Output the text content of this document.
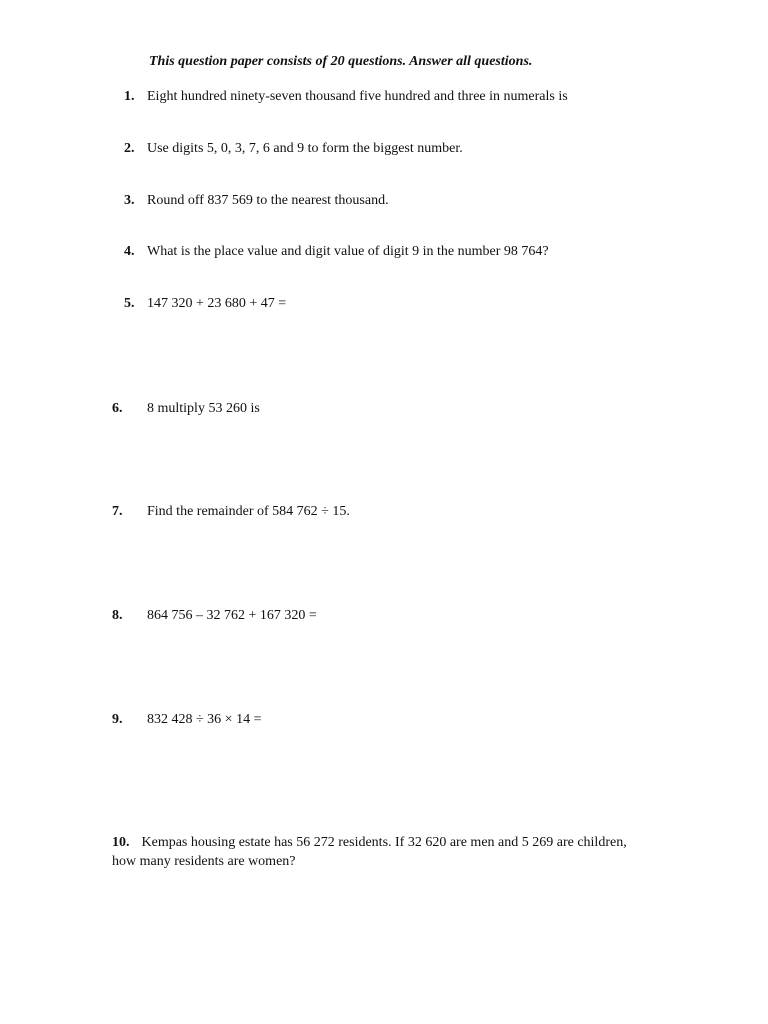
This question paper consists of 20 questions. Answer all questions.
1. Eight hundred ninety-seven thousand five hundred and three in numerals is
2. Use digits 5, 0, 3, 7, 6 and 9 to form the biggest number.
3. Round off 837 569 to the nearest thousand.
4. What is the place value and digit value of digit 9 in the number 98 764?
5. 147 320 + 23 680 + 47 =
6. 8 multiply 53 260 is
7. Find the remainder of 584 762 ÷ 15.
8. 864 756 – 32 762 + 167 320 =
9. 832 428 ÷ 36 × 14 =
10. Kempas housing estate has 56 272 residents. If 32 620 are men and 5 269 are children, how many residents are women?
